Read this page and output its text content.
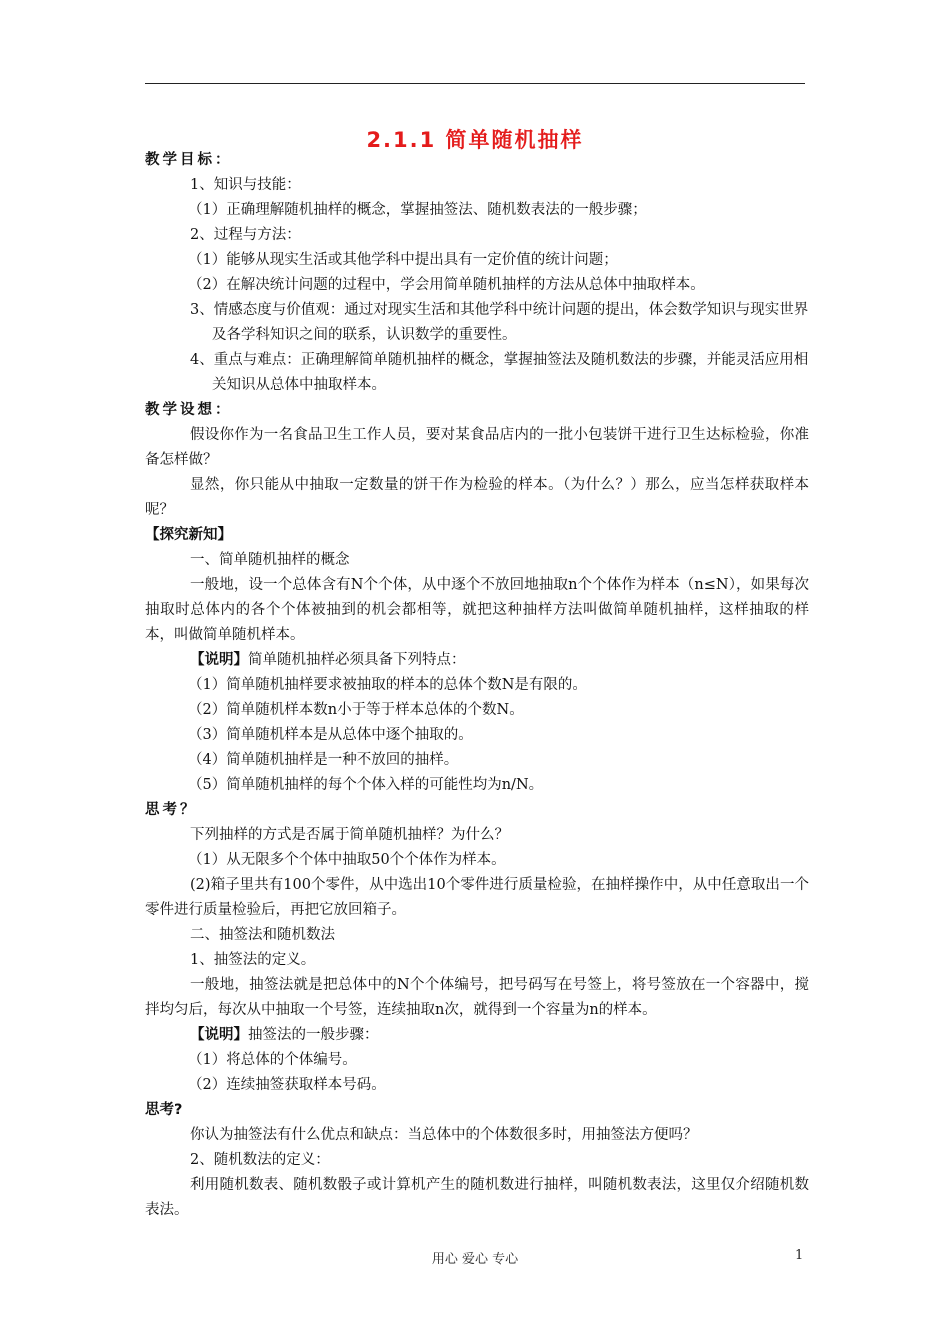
2.1.1 简单随机抽样

教学目标：

1、知识与技能：

（1）正确理解随机抽样的概念，掌握抽签法、随机数表法的一般步骤；

2、过程与方法：

（1）能够从现实生活或其他学科中提出具有一定价值的统计问题；

（2）在解决统计问题的过程中，学会用简单随机抽样的方法从总体中抽取样本。

3、情感态度与价值观：通过对现实生活和其他学科中统计问题的提出，体会数学知识与现实世界及各学科知识之间的联系，认识数学的重要性。

4、重点与难点：正确理解简单随机抽样的概念，掌握抽签法及随机数法的步骤，并能灵活应用相关知识从总体中抽取样本。

教学设想：

假设你作为一名食品卫生工作人员，要对某食品店内的一批小包装饼干进行卫生达标检验，你准备怎样做？

显然，你只能从中抽取一定数量的饼干作为检验的样本。（为什么？）那么，应当怎样获取样本呢？

【探究新知】

一、简单随机抽样的概念

一般地，设一个总体含有N个个体，从中逐个不放回地抽取n个个体作为样本（n≤N），如果每次抽取时总体内的各个个体被抽到的机会都相等，就把这种抽样方法叫做简单随机抽样，这样抽取的样本，叫做简单随机样本。

【说明】简单随机抽样必须具备下列特点：

（1）简单随机抽样要求被抽取的样本的总体个数N是有限的。

（2）简单随机样本数n小于等于样本总体的个数N。

（3）简单随机样本是从总体中逐个抽取的。

（4）简单随机抽样是一种不放回的抽样。

（5）简单随机抽样的每个个体入样的可能性均为n/N。

思考？

下列抽样的方式是否属于简单随机抽样？为什么？

（1）从无限多个个体中抽取50个个体作为样本。

(2)箱子里共有100个零件，从中选出10个零件进行质量检验，在抽样操作中，从中任意取出一个零件进行质量检验后，再把它放回箱子。

二、抽签法和随机数法

1、抽签法的定义。

一般地，抽签法就是把总体中的N个个体编号，把号码写在号签上，将号签放在一个容器中，搅拌均匀后，每次从中抽取一个号签，连续抽取n次，就得到一个容量为n的样本。

【说明】抽签法的一般步骤：

（1）将总体的个体编号。

（2）连续抽签获取样本号码。

思考?

你认为抽签法有什么优点和缺点：当总体中的个体数很多时，用抽签法方便吗？

2、随机数法的定义：

利用随机数表、随机数骰子或计算机产生的随机数进行抽样，叫随机数表法，这里仅介绍随机数表法。

用心 爱心 专心	1
